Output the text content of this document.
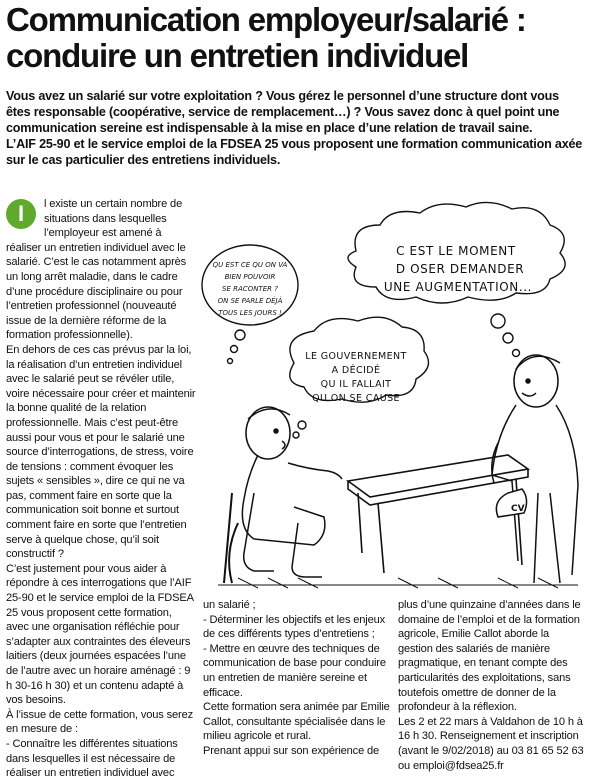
Communication employeur/salarié :
conduire un entretien individuel

Vous avez un salarié sur votre exploitation ? Vous gérez le personnel d’une structure dont vous êtes responsable (coopérative, service de remplacement…) ? Vous savez donc à quel point une communication sereine est indispensable à la mise en place d’une relation de travail saine.

L’AIF 25-90 et le service emploi de la FDSEA 25 vous proposent une formation communication axée sur le cas particulier des entretiens individuels.

I	l existe un certain nombre de situations dans lesquelles l’employeur est amené à réaliser un entretien individuel avec le salarié. C’est le cas notamment après un long arrêt maladie, dans le cadre d’une procédure disciplinaire ou pour l’entretien professionnel (nouveauté issue de la dernière réforme de la formation professionnelle).

En dehors de ces cas prévus par la loi, la réalisation d’un entretien individuel avec le salarié peut se révéler utile, voire nécessaire pour créer et maintenir la bonne qualité de la relation professionnelle. Mais c’est peut-être aussi pour vous et pour le salarié une source d’interrogations, de stress, voire de tensions : comment évoquer les sujets « sensibles », dire ce qui ne va pas, comment faire en sorte que la communication soit bonne et surtout comment faire en sorte que l’entretien serve à quelque chose, qu’il soit constructif ?

C’est justement pour vous aider à répondre à ces interrogations que l’AIF 25-90 et le service emploi de la FDSEA 25 vous proposent cette formation, avec une organisation réfléchie pour s’adapter aux contraintes des éleveurs laitiers (deux journées espacées l’une de l’autre avec un horaire aménagé : 9 h 30-16 h 30) et un contenu adapté à vos besoins.

À l’issue de cette formation, vous serez en mesure de :

- Connaître les différentes situations dans lesquelles il est nécessaire de réaliser un entretien individuel avec

un salarié ;

- Déterminer les objectifs et les enjeux de ces différents types d’entretiens ;

- Mettre en œuvre des techniques de communication de base pour conduire un entretien de manière sereine et efficace.

Cette formation sera animée par Emilie Callot, consultante spécialisée dans le milieu agricole et rural.

Prenant appui sur son expérience de

plus d’une quinzaine d’années dans le domaine de l’emploi et de la formation agricole, Emilie Callot aborde la gestion des salariés de manière pragmatique, en tenant compte des particularités des exploitations, sans toutefois omettre de donner de la profondeur à la réflexion.

Les 2 et 22 mars à Valdahon de 10 h à 16 h 30. Renseignement et inscription (avant le 9/02/2018) au 03 81 65 52 63 ou emploi@fdsea25.fr

QU EST CE QU ON VA
BIEN POUVOIR
SE RACONTER ?
ON SE PARLE DÉJÀ
TOUS LES JOURS !
C EST LE MOMENT
D OSER DEMANDER
UNE AUGMENTATION...
LE GOUVERNEMENT
A DÉCIDÉ
QU IL FALLAIT
QU ON SE CAUSE
CV
